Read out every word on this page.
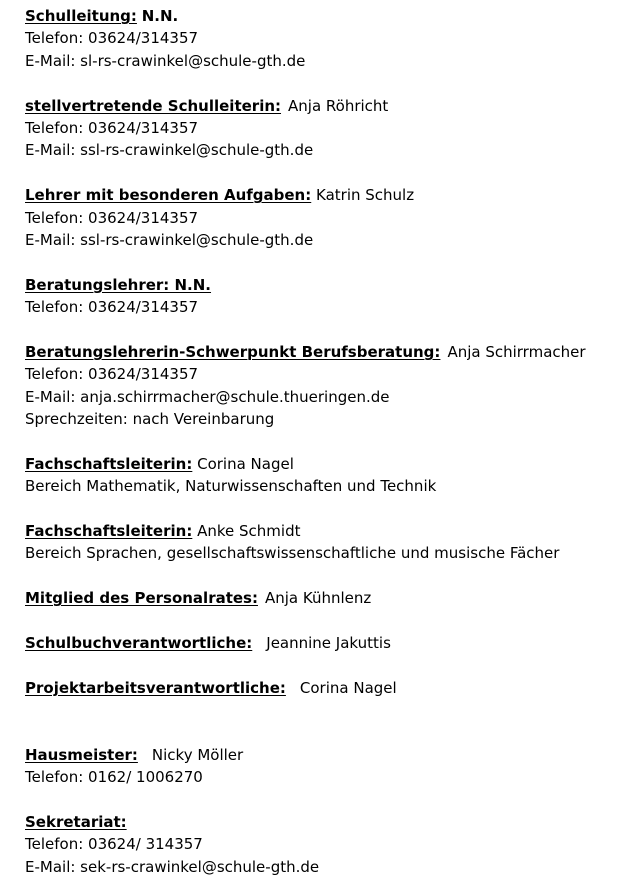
Schulleitung: N.N.
Telefon: 03624/314357
E-Mail: sl-rs-crawinkel@schule-gth.de
stellvertretende Schulleiterin: Anja Röhricht
Telefon: 03624/314357
E-Mail: ssl-rs-crawinkel@schule-gth.de
Lehrer mit besonderen Aufgaben: Katrin Schulz
Telefon: 03624/314357
E-Mail: ssl-rs-crawinkel@schule-gth.de
Beratungslehrer: N.N.
Telefon: 03624/314357
Beratungslehrerin-Schwerpunkt Berufsberatung: Anja Schirrmacher
Telefon: 03624/314357
E-Mail: anja.schirrmacher@schule.thueringen.de
Sprechzeiten: nach Vereinbarung
Fachschaftsleiterin: Corina Nagel
Bereich Mathematik, Naturwissenschaften und Technik
Fachschaftsleiterin: Anke Schmidt
Bereich Sprachen, gesellschaftswissenschaftliche und musische Fächer
Mitglied des Personalrates: Anja Kühnlenz
Schulbuchverantwortliche: Jeannine Jakuttis
Projektarbeitsverantwortliche: Corina Nagel
Hausmeister: Nicky Möller
Telefon: 0162/ 1006270
Sekretariat:
Telefon: 03624/ 314357
E-Mail: sek-rs-crawinkel@schule-gth.de
